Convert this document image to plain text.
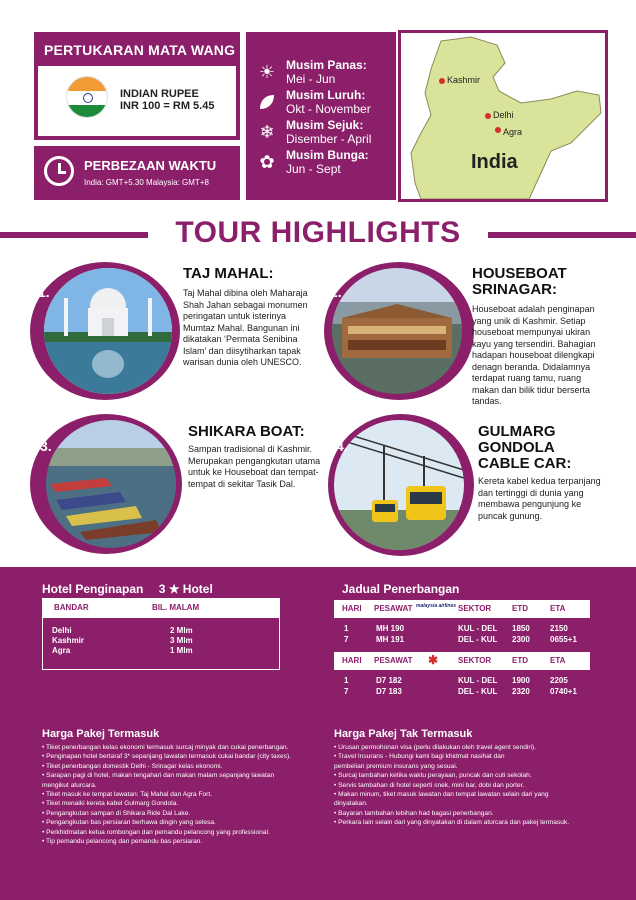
PERTUKARAN MATA WANG
INDIAN RUPEE
INR 100 = RM 5.45
PERBEZAAN WAKTU
India: GMT+5.30 Malaysia: GMT+8
☀ Musim Panas:
Mei - Jun
Musim Luruh:
Okt - November
❄ Musim Sejuk:
Disember - April
✿ Musim Bunga:
Jun - Sept
Kashmir
Delhi
Agra
India
TOUR HIGHLIGHTS
1.
TAJ MAHAL:
Taj Mahal dibina oleh Maharaja Shah Jahan sebagai monumen peringatan untuk isterinya Mumtaz Mahal. Bangunan ini dikatakan ‘Permata Senibina Islam’ dan diisytiharkan tapak warisan dunia oleh UNESCO.
2.
HOUSEBOAT SRINAGAR:
Houseboat adalah penginapan yang unik di Kashmir. Setiap houseboat mempunyai ukiran kayu yang tersendiri. Bahagian hadapan houseboat dilengkapi denagn beranda. Didalamnya terdapat ruang tamu, ruang makan dan bilik tidur berserta tandas.
3.
SHIKARA BOAT:
Sampan tradisional di Kashmir. Merupakan pengangkutan utama untuk ke Houseboat dan tempat-tempat di sekitar Tasik Dal.
4.
GULMARG GONDOLA CABLE CAR:
Kereta kabel kedua terpanjang dan tertinggi di dunia yang membawa pengunjung ke puncak gunung.
Hotel Penginapan 3 ★ Hotel
BANDAR	BIL. MALAM
Delhi	2 Mlm
Kashmir	3 Mlm
Agra	1 Mlm
Jadual Penerbangan
HARI PESAWAT malaysia airlines SEKTOR	ETD	ETA
1	MH 190	KUL - DEL 1850	2150
7	MH 191	DEL - KUL 2300	0655+1
HARI PESAWAT ✱ SEKTOR	ETD	ETA
1	D7 182	KUL - DEL 1900	2205
7	D7 183	DEL - KUL 2320	0740+1
Harga Pakej Termasuk
• Tiket penerbangan kelas ekonomi termasuk surcaj minyak dan cukai penerbangan.
• Penginapan hotel bertaraf 3* sepanjang lawatan termasuk cukai bandar (city taxes).
• Tiket penerbangan domestik Delhi - Srinagar kelas ekonomi.
• Sarapan pagi di hotel, makan tengahari dan makan malam sepanjang lawatan
mengikut aturcara.
• Tiket masuk ke tempat lawatan: Taj Mahal dan Agra Fort.
• Tiket menaiki kereta kabel Gulmarg Gondola.
• Pengangkutan sampan di Shikara Ride Dal Lake.
• Pengangkutan bas persiaran berhawa dingin yang selesa.
• Perkhidmatan ketua rombongan dan pemandu pelancong yang professional.
• Tip pemandu pelancong dan pemandu bas persiaran.
Harga Pakej Tak Termasuk
• Urusan permohonan visa (perlu dilakukan oleh travel agent sendiri).
• Travel Insurans - Hubungi kami bagi khidmat nasihat dan
pembelian premium insurans yang sesuai.
• Surcaj tambahan ketika waktu perayaan, puncak dan cuti sekolah.
• Servis tambahan di hotel seperti snek, mini bar, dobi dan porter.
• Makan minum, tiket masuk lawatan dan tempat lawatan selain dari yang
dinyatakan.
• Bayaran tambahan lebihan had bagasi penerbangan.
• Perkara lain selain dari yang dinyatakan di dalam aturcara dan pakej termasuk.
